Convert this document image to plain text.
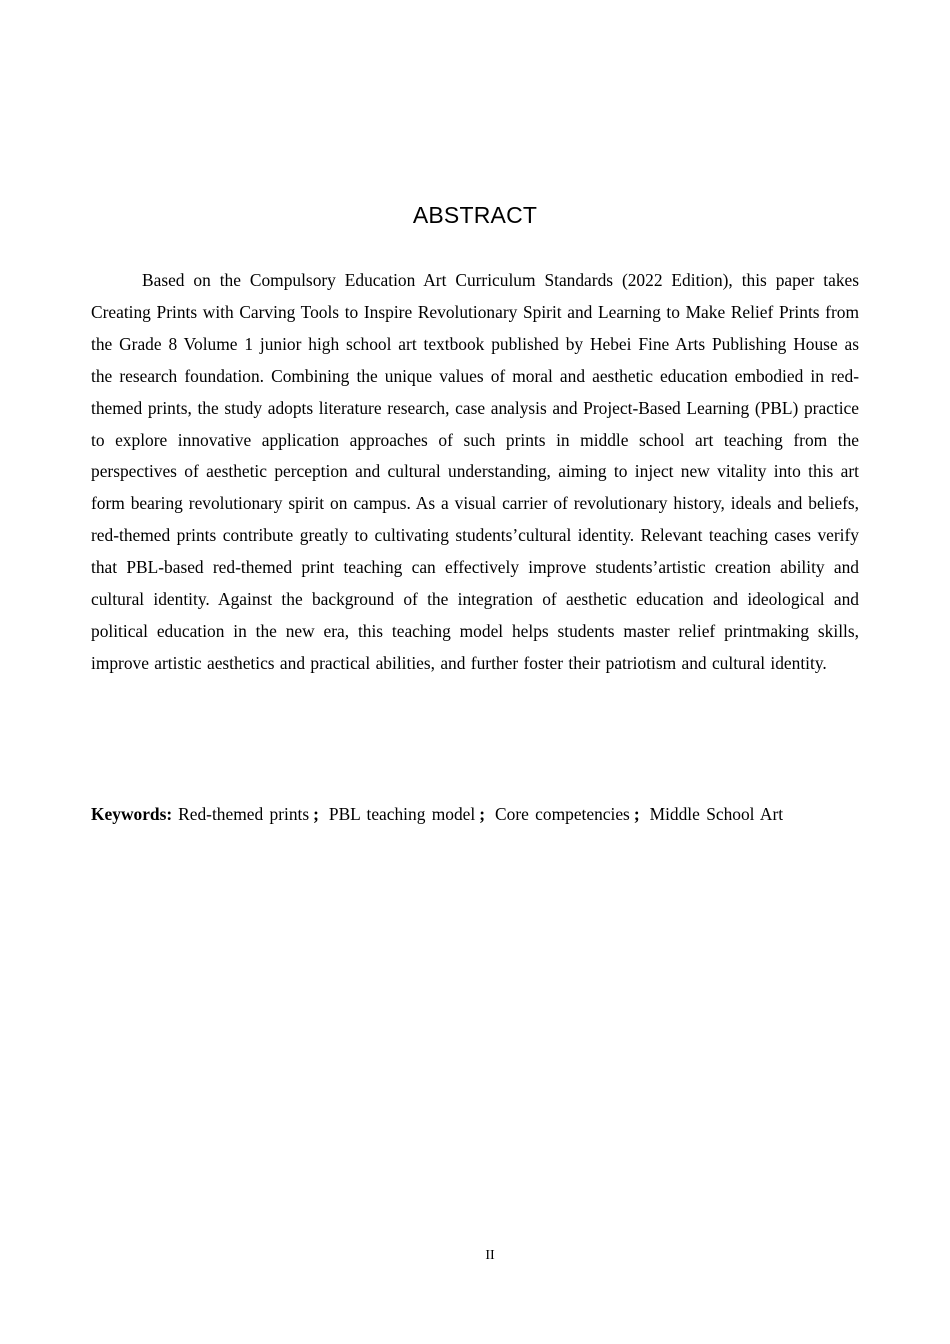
ABSTRACT

Based on the Compulsory Education Art Curriculum Standards (2022 Edition), this paper takes Creating Prints with Carving Tools to Inspire Revolutionary Spirit and Learning to Make Relief Prints from the Grade 8 Volume 1 junior high school art textbook published by Hebei Fine Arts Publishing House as the research foundation. Combining the unique values of moral and aesthetic education embodied in red-themed prints, the study adopts literature research, case analysis and Project-Based Learning (PBL) practice to explore innovative application approaches of such prints in middle school art teaching from the perspectives of aesthetic perception and cultural understanding, aiming to inject new vitality into this art form bearing revolutionary spirit on campus. As a visual carrier of revolutionary history, ideals and beliefs, red-themed prints contribute greatly to cultivating students’cultural identity. Relevant teaching cases verify that PBL-based red-themed print teaching can effectively improve students’artistic creation ability and cultural identity. Against the background of the integration of aesthetic education and ideological and political education in the new era, this teaching model helps students master relief printmaking skills, improve artistic aesthetics and practical abilities, and further foster their patriotism and cultural identity.

Keywords: Red-themed prints ; PBL teaching model ; Core competencies ; Middle School Art

II
